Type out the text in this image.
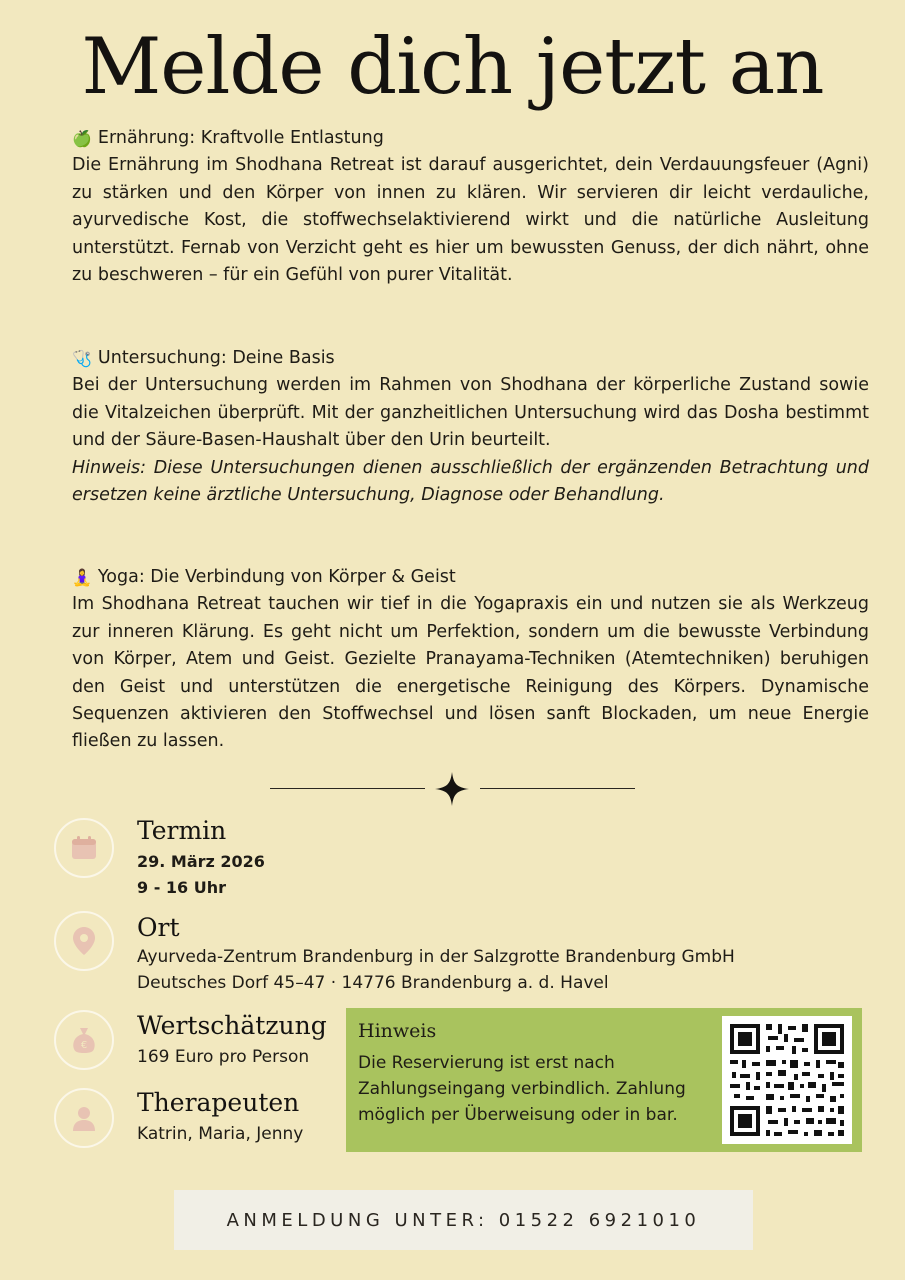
Melde dich jetzt an
🍏 Ernährung: Kraftvolle Entlastung
Die Ernährung im Shodhana Retreat ist darauf ausgerichtet, dein Verdauungsfeuer (Agni) zu stärken und den Körper von innen zu klären. Wir servieren dir leicht verdauliche, ayurvedische Kost, die stoffwechselaktivierend wirkt und die natürliche Ausleitung unterstützt. Fernab von Verzicht geht es hier um bewussten Genuss, der dich nährt, ohne zu beschweren – für ein Gefühl von purer Vitalität.
🩺 Untersuchung: Deine Basis
Bei der Untersuchung werden im Rahmen von Shodhana der körperliche Zustand sowie die Vitalzeichen überprüft. Mit der ganzheitlichen Untersuchung wird das Dosha bestimmt und der Säure-Basen-Haushalt über den Urin beurteilt.
Hinweis: Diese Untersuchungen dienen ausschließlich der ergänzenden Betrachtung und ersetzen keine ärztliche Untersuchung, Diagnose oder Behandlung.
🧘‍♀️ Yoga: Die Verbindung von Körper & Geist
Im Shodhana Retreat tauchen wir tief in die Yogapraxis ein und nutzen sie als Werkzeug zur inneren Klärung. Es geht nicht um Perfektion, sondern um die bewusste Verbindung von Körper, Atem und Geist. Gezielte Pranayama-Techniken (Atemtechniken) beruhigen den Geist und unterstützen die energetische Reinigung des Körpers. Dynamische Sequenzen aktivieren den Stoffwechsel und lösen sanft Blockaden, um neue Energie fließen zu lassen.
Termin
29. März 2026
9 - 16 Uhr
Ort
Ayurveda-Zentrum Brandenburg in der Salzgrotte Brandenburg GmbH
Deutsches Dorf 45–47 · 14776 Brandenburg a. d. Havel
€
Wertschätzung
169 Euro pro Person
Therapeuten
Katrin, Maria, Jenny
Hinweis
Die Reservierung ist erst nach Zahlungseingang verbindlich. Zahlung möglich per Überweisung oder in bar.
ANMELDUNG UNTER: 01522 6921010
